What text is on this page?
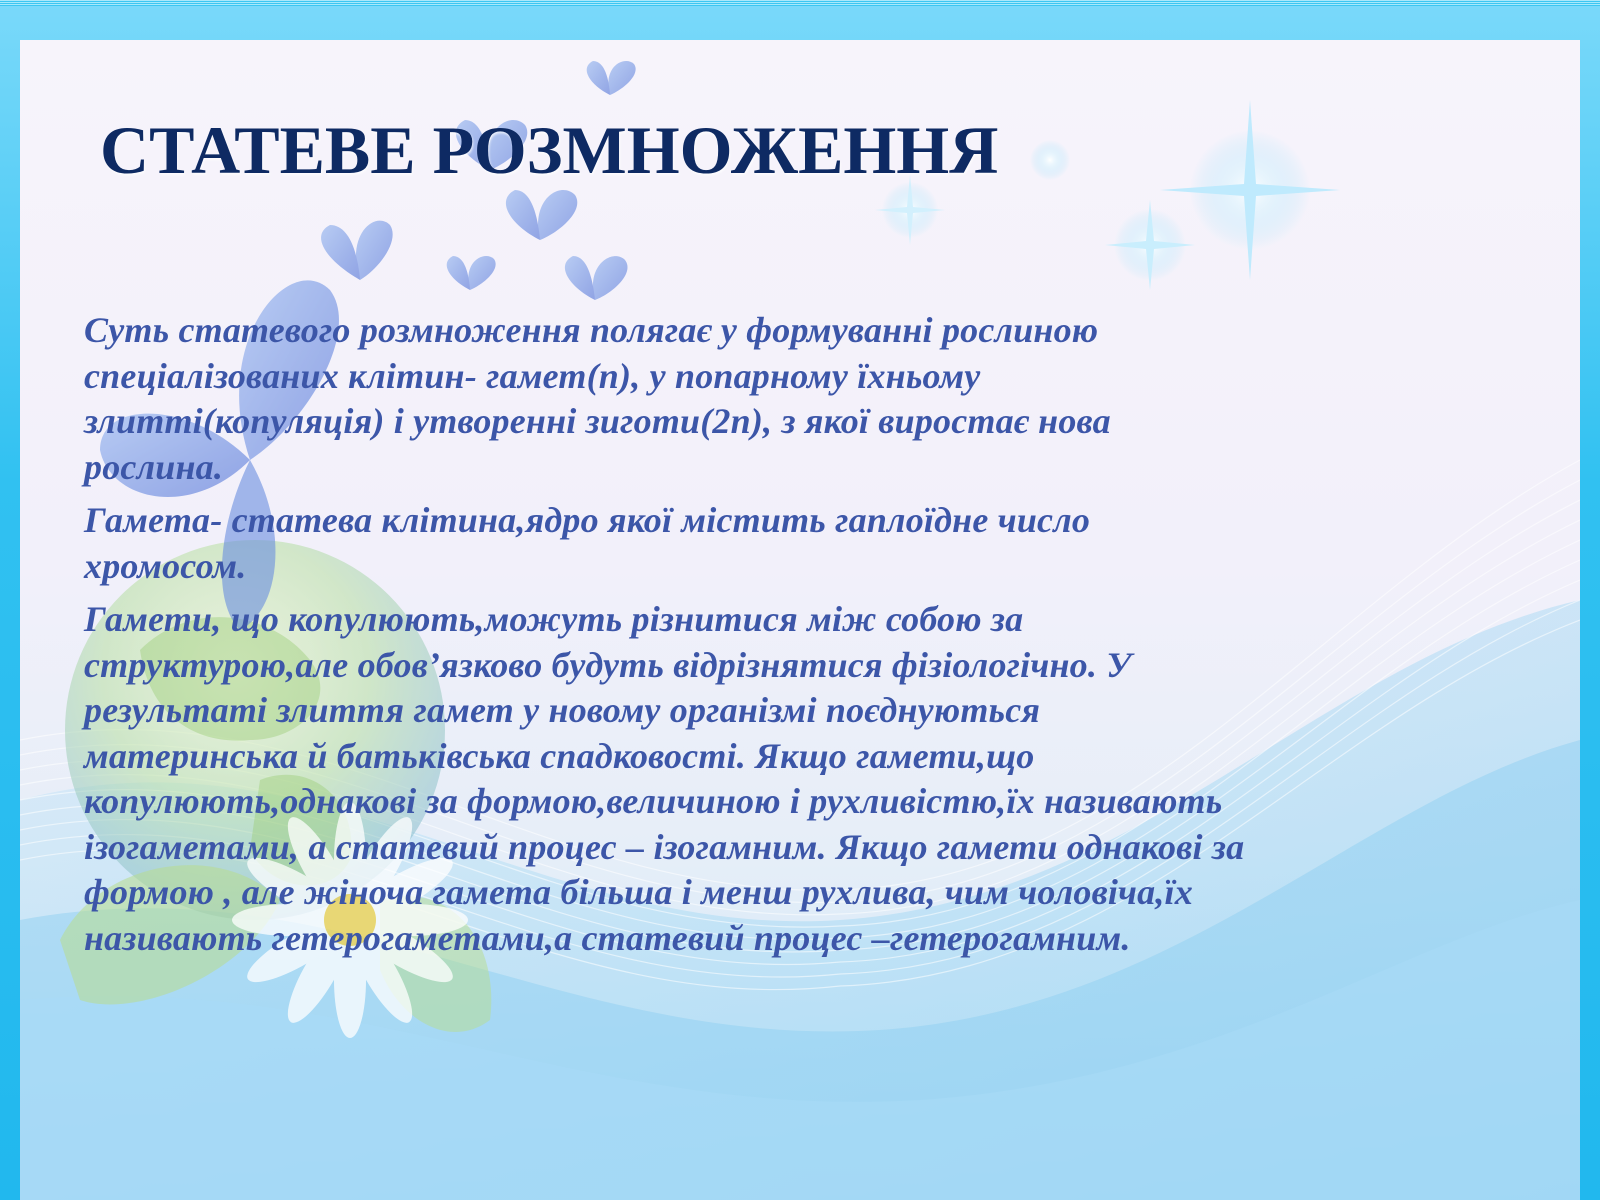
СТАТЕВЕ РОЗМНОЖЕННЯ

Суть статевого розмноження полягає у формуванні рослиною
спеціалізованих клітин- гамет(n), у попарному їхньому
злитті(копуляція) і утворенні зиготи(2n), з якої виростає нова
рослина.

Гамета- статева клітина,ядро якої містить гаплоїдне число
хромосом.

Гамети, що копулюють,можуть різнитися між собою за
структурою,але обов’язково будуть відрізнятися фізіологічно. У
результаті злиття гамет у новому організмі поєднуються
материнська й батьківська спадковості. Якщо гамети,що
копулюють,однакові за формою,величиною і рухливістю,їх називають
ізогаметами, а статевий процес – ізогамним. Якщо гамети однакові за
формою , але жіноча гамета більша і менш рухлива, чим чоловіча,їх
називають гетерогаметами,а статевий процес –гетерогамним.
